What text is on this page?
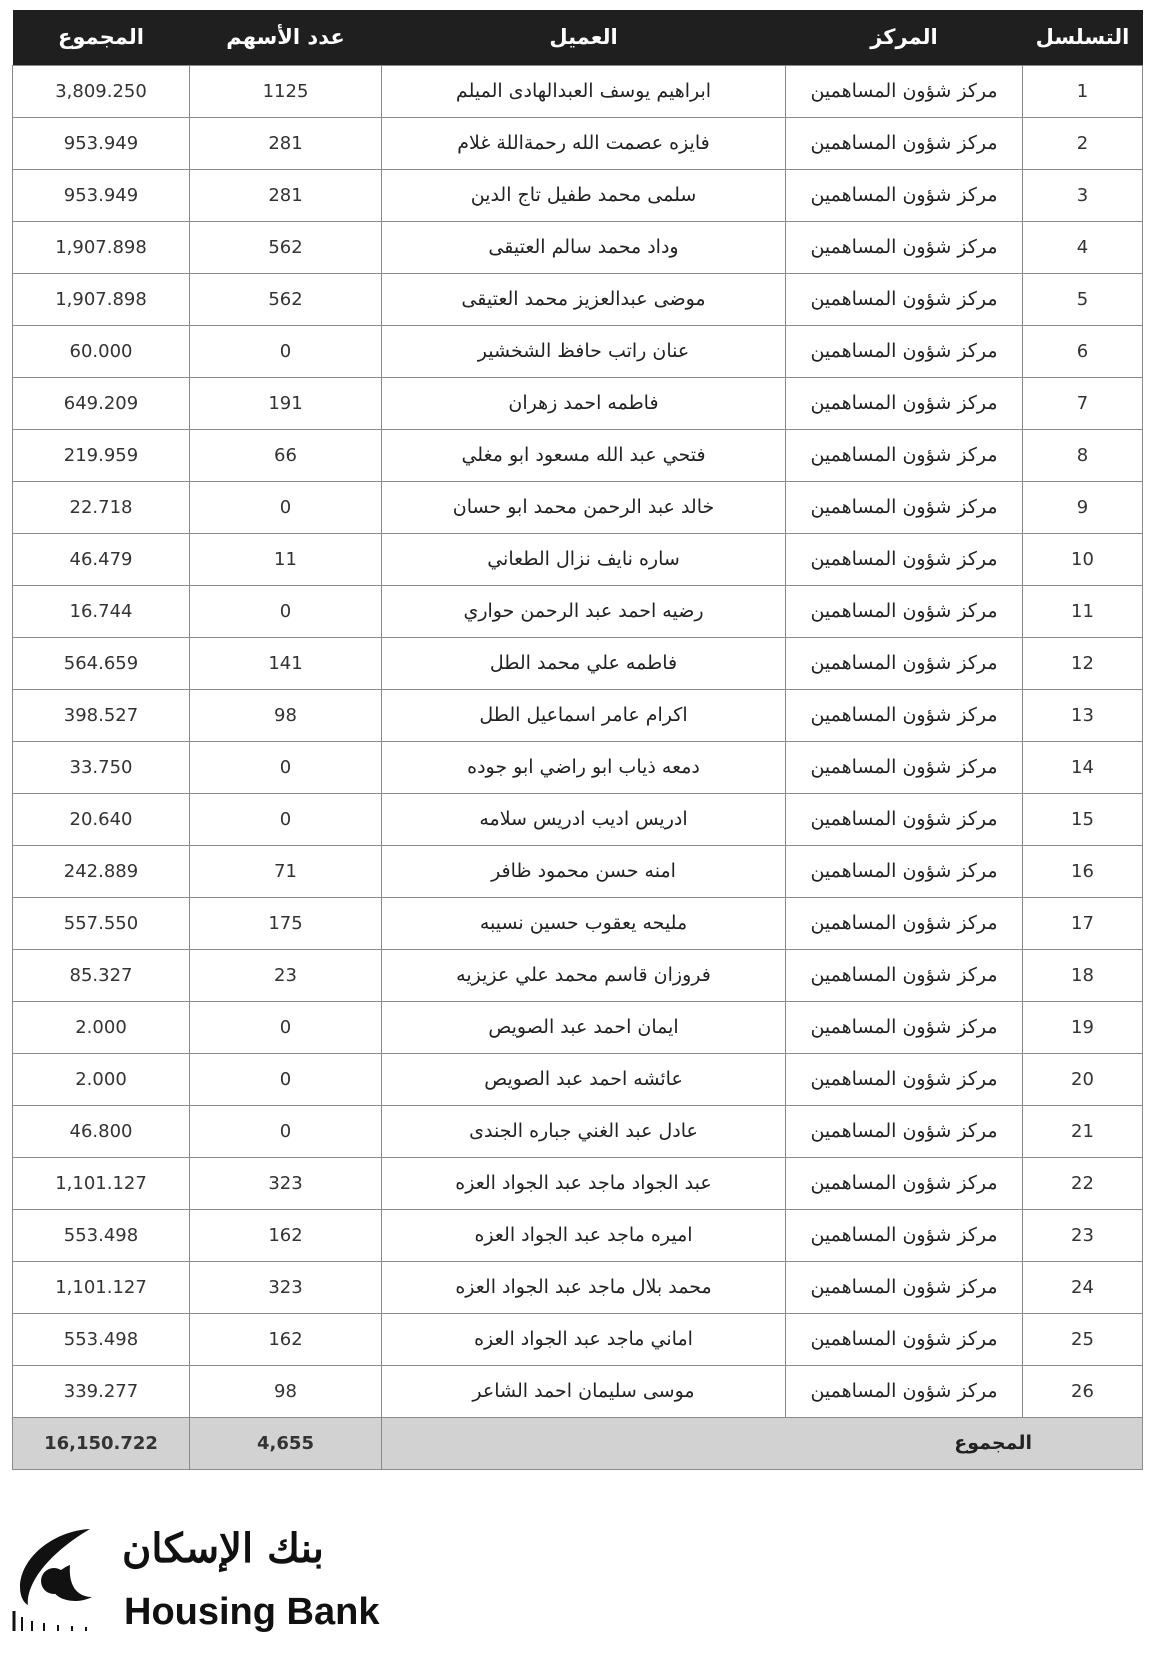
التسلسل	المركز	العميل	عدد الأسهم	المجموع
1	مركز شؤون المساهمين	ابراهيم يوسف العبدالهادى الميلم	1125	3,809.250
2	مركز شؤون المساهمين	فايزه عصمت الله رحمةاللة غلام	281	953.949
3	مركز شؤون المساهمين	سلمى محمد طفيل تاج الدين	281	953.949
4	مركز شؤون المساهمين	وداد محمد سالم العتيقى	562	1,907.898
5	مركز شؤون المساهمين	موضى عبدالعزيز محمد العتيقى	562	1,907.898
6	مركز شؤون المساهمين	عنان راتب حافظ الشخشير	0	60.000
7	مركز شؤون المساهمين	فاطمه احمد زهران	191	649.209
8	مركز شؤون المساهمين	فتحي عبد الله مسعود ابو مغلي	66	219.959
9	مركز شؤون المساهمين	خالد عبد الرحمن محمد ابو حسان	0	22.718
10	مركز شؤون المساهمين	ساره نايف نزال الطعاني	11	46.479
11	مركز شؤون المساهمين	رضيه احمد عبد الرحمن حواري	0	16.744
12	مركز شؤون المساهمين	فاطمه علي محمد الطل	141	564.659
13	مركز شؤون المساهمين	اكرام عامر اسماعيل الطل	98	398.527
14	مركز شؤون المساهمين	دمعه ذياب ابو راضي ابو جوده	0	33.750
15	مركز شؤون المساهمين	ادريس اديب ادريس سلامه	0	20.640
16	مركز شؤون المساهمين	امنه حسن محمود ظافر	71	242.889
17	مركز شؤون المساهمين	مليحه يعقوب حسين نسيبه	175	557.550
18	مركز شؤون المساهمين	فروزان قاسم محمد علي عزيزيه	23	85.327
19	مركز شؤون المساهمين	ايمان احمد عبد الصويص	0	2.000
20	مركز شؤون المساهمين	عائشه احمد عبد الصويص	0	2.000
21	مركز شؤون المساهمين	عادل عبد الغني جباره الجندى	0	46.800
22	مركز شؤون المساهمين	عبد الجواد ماجد عبد الجواد العزه	323	1,101.127
23	مركز شؤون المساهمين	اميره ماجد عبد الجواد العزه	162	553.498
24	مركز شؤون المساهمين	محمد بلال ماجد عبد الجواد العزه	323	1,101.127
25	مركز شؤون المساهمين	اماني ماجد عبد الجواد العزه	162	553.498
26	مركز شؤون المساهمين	موسى سليمان احمد الشاعر	98	339.277
المجموع			4,655	16,150.722
بنك الإسكان
Housing Bank
